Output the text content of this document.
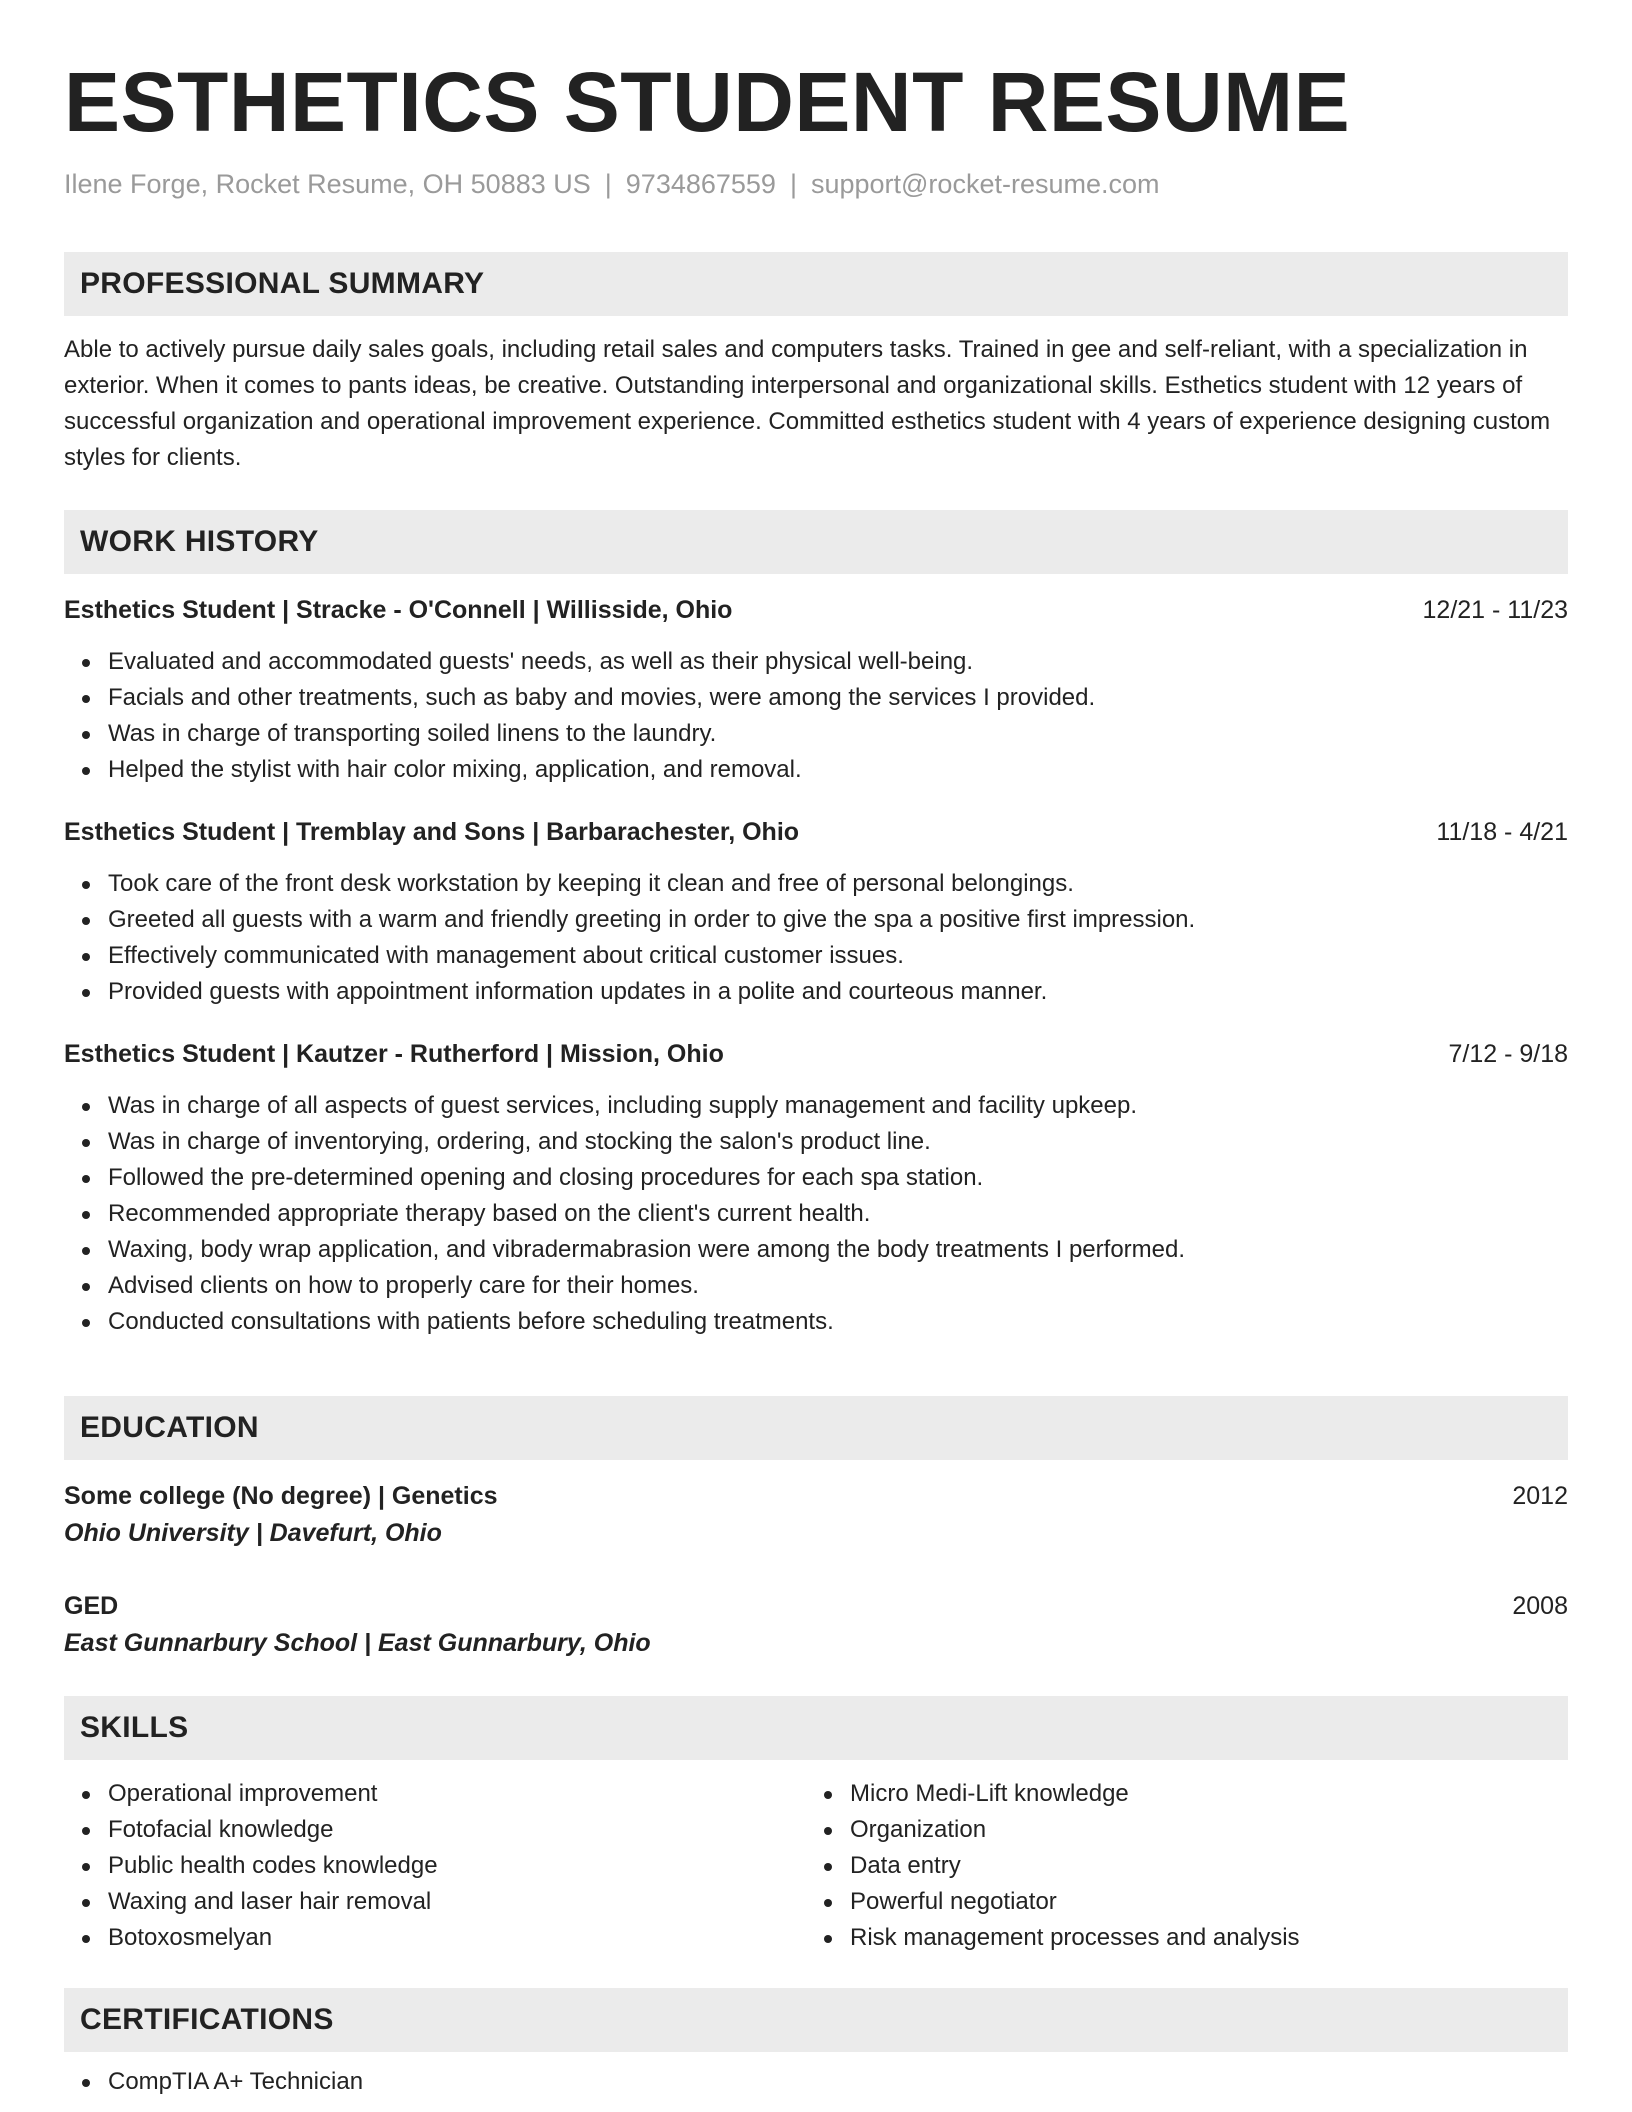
ESTHETICS STUDENT RESUME
Ilene Forge, Rocket Resume, OH 50883 US | 9734867559 | support@rocket-resume.com
PROFESSIONAL SUMMARY
Able to actively pursue daily sales goals, including retail sales and computers tasks. Trained in gee and self-reliant, with a specialization in exterior. When it comes to pants ideas, be creative. Outstanding interpersonal and organizational skills. Esthetics student with 12 years of successful organization and operational improvement experience. Committed esthetics student with 4 years of experience designing custom styles for clients.
WORK HISTORY
Esthetics Student | Stracke - O'Connell | Willisside, Ohio	12/21 - 11/23
Evaluated and accommodated guests' needs, as well as their physical well-being.
Facials and other treatments, such as baby and movies, were among the services I provided.
Was in charge of transporting soiled linens to the laundry.
Helped the stylist with hair color mixing, application, and removal.
Esthetics Student | Tremblay and Sons | Barbarachester, Ohio	11/18 - 4/21
Took care of the front desk workstation by keeping it clean and free of personal belongings.
Greeted all guests with a warm and friendly greeting in order to give the spa a positive first impression.
Effectively communicated with management about critical customer issues.
Provided guests with appointment information updates in a polite and courteous manner.
Esthetics Student | Kautzer - Rutherford | Mission, Ohio	7/12 - 9/18
Was in charge of all aspects of guest services, including supply management and facility upkeep.
Was in charge of inventorying, ordering, and stocking the salon's product line.
Followed the pre-determined opening and closing procedures for each spa station.
Recommended appropriate therapy based on the client's current health.
Waxing, body wrap application, and vibradermabrasion were among the body treatments I performed.
Advised clients on how to properly care for their homes.
Conducted consultations with patients before scheduling treatments.
EDUCATION
Some college (No degree) | Genetics	2012
Ohio University | Davefurt, Ohio
GED	2008
East Gunnarbury School | East Gunnarbury, Ohio
SKILLS
Operational improvement
Fotofacial knowledge
Public health codes knowledge
Waxing and laser hair removal
Botoxosmelyan
Micro Medi-Lift knowledge
Organization
Data entry
Powerful negotiator
Risk management processes and analysis
CERTIFICATIONS
CompTIA A+ Technician
